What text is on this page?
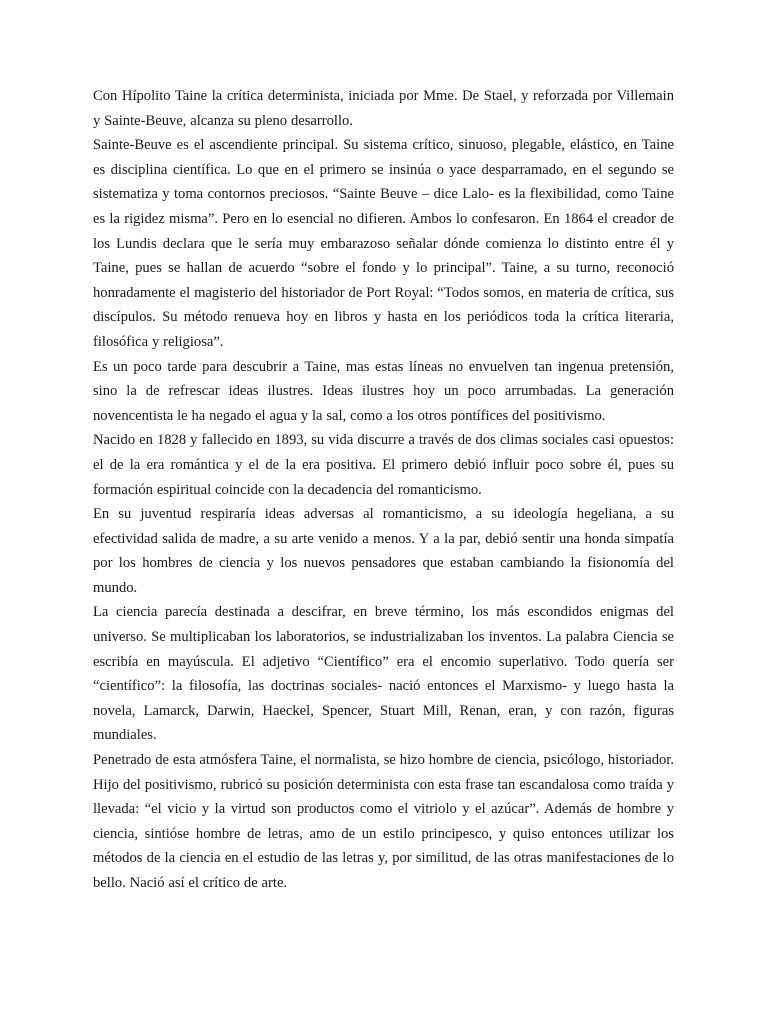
Con Hípolito Taine la crítica determinista, iniciada por Mme. De Stael, y reforzada por Villemain y Sainte-Beuve, alcanza su pleno desarrollo.

Sainte-Beuve es el ascendiente principal. Su sistema crítico, sinuoso, plegable, elástico, en Taine es disciplina científica. Lo que en el primero se insinúa o yace desparramado, en el segundo se sistematiza y toma contornos preciosos. “Sainte Beuve – dice Lalo- es la flexibilidad, como Taine es la rigidez misma”. Pero en lo esencial no difieren. Ambos lo confesaron. En 1864 el creador de los Lundis declara que le sería muy embarazoso señalar dónde comienza lo distinto entre él y Taine, pues se hallan de acuerdo “sobre el fondo y lo principal”. Taine, a su turno, reconoció honradamente el magisterio del historiador de Port Royal: “Todos somos, en materia de crítica, sus discípulos. Su método renueva hoy en libros y hasta en los periódicos toda la crítica literaria, filosófica y religiosa”.

Es un poco tarde para descubrir a Taine, mas estas líneas no envuelven tan ingenua pretensión, sino la de refrescar ideas ilustres. Ideas ilustres hoy un poco arrumbadas. La generación novencentista le ha negado el agua y la sal, como a los otros pontífices del positivismo.

Nacido en 1828 y fallecido en 1893, su vida discurre a través de dos climas sociales casi opuestos: el de la era romántica y el de la era positiva. El primero debió influir poco sobre él, pues su formación espiritual coincide con la decadencia del romanticismo.

En su juventud respiraría ideas adversas al romanticismo, a su ideología hegeliana, a su efectividad salida de madre, a su arte venido a menos. Y a la par, debió sentir una honda simpatía por los hombres de ciencia y los nuevos pensadores que estaban cambiando la fisionomía del mundo.

La ciencia parecía destinada a descifrar, en breve término, los más escondidos enigmas del universo. Se multiplicaban los laboratorios, se industrializaban los inventos. La palabra Ciencia se escribía en mayúscula. El adjetivo “Científico” era el encomio superlativo. Todo quería ser “científico”: la filosofía, las doctrinas sociales- nació entonces el Marxismo- y luego hasta la novela, Lamarck, Darwin, Haeckel, Spencer, Stuart Mill, Renan, eran, y con razón, figuras mundiales.

Penetrado de esta atmósfera Taine, el normalista, se hizo hombre de ciencia, psicólogo, historiador. Hijo del positivismo, rubricó su posición determinista con esta frase tan escandalosa como traída y llevada: “el vicio y la virtud son productos como el vitriolo y el azúcar”. Además de hombre y ciencia, sintióse hombre de letras, amo de un estilo principesco, y quiso entonces utilizar los métodos de la ciencia en el estudio de las letras y, por similitud, de las otras manifestaciones de lo bello. Nació así el crítico de arte.
